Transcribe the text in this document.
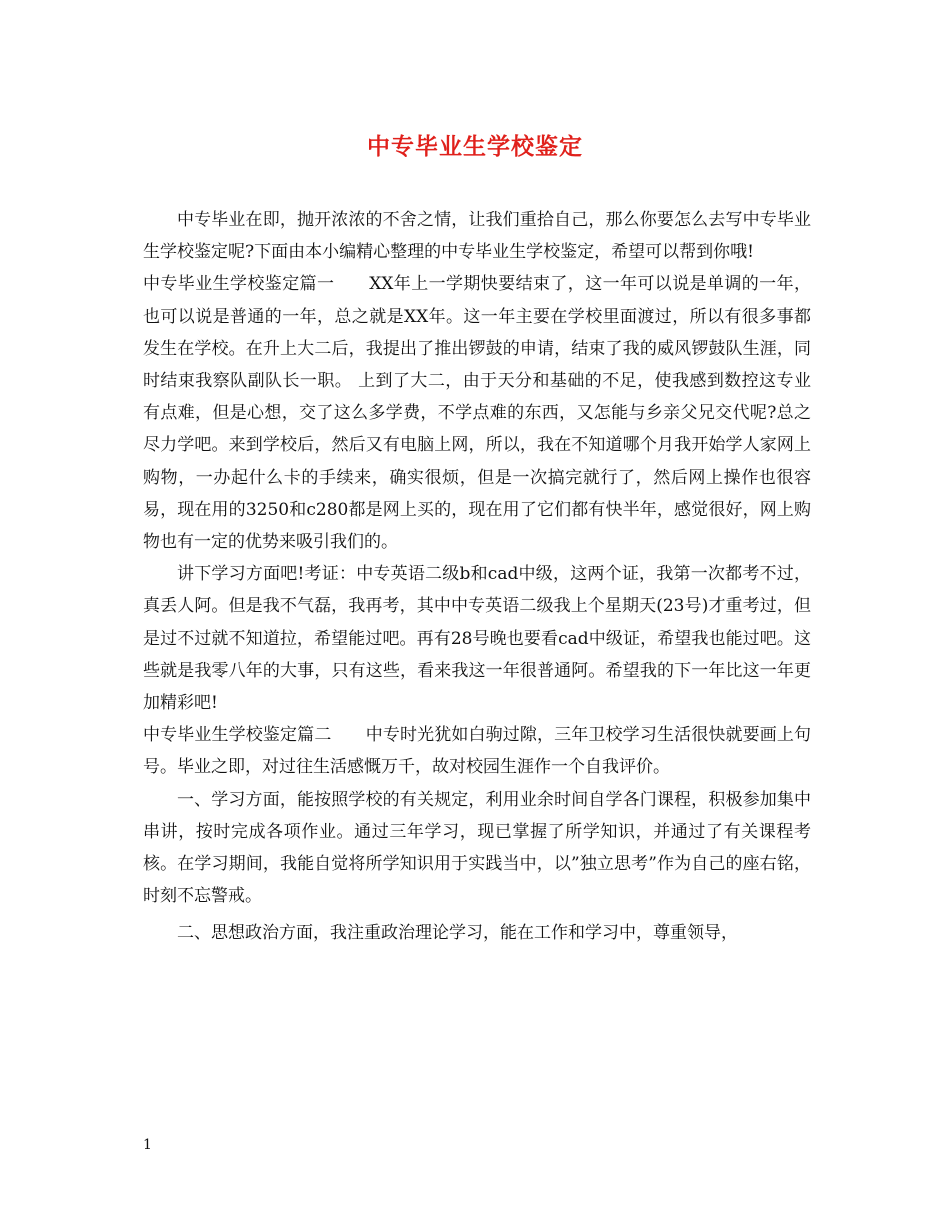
中专毕业生学校鉴定

中专毕业在即，抛开浓浓的不舍之情，让我们重拾自己，那么你要怎么去写中专毕业生学校鉴定呢?下面由本小编精心整理的中专毕业生学校鉴定，希望可以帮到你哦!

中专毕业生学校鉴定篇一　　XX年上一学期快要结束了，这一年可以说是单调的一年，也可以说是普通的一年，总之就是XX年。这一年主要在学校里面渡过，所以有很多事都发生在学校。在升上大二后，我提出了推出锣鼓的申请，结束了我的威风锣鼓队生涯，同时结束我察队副队长一职。 上到了大二，由于天分和基础的不足，使我感到数控这专业有点难，但是心想，交了这么多学费，不学点难的东西，又怎能与乡亲父兄交代呢?总之尽力学吧。来到学校后，然后又有电脑上网，所以，我在不知道哪个月我开始学人家网上购物，一办起什么卡的手续来，确实很烦，但是一次搞完就行了，然后网上操作也很容易，现在用的3250和c280都是网上买的，现在用了它们都有快半年，感觉很好，网上购物也有一定的优势来吸引我们的。

讲下学习方面吧!考证：中专英语二级b和cad中级，这两个证，我第一次都考不过，真丢人阿。但是我不气磊，我再考，其中中专英语二级我上个星期天(23号)才重考过，但是过不过就不知道拉，希望能过吧。再有28号晚也要看cad中级证，希望我也能过吧。这些就是我零八年的大事，只有这些，看来我这一年很普通阿。希望我的下一年比这一年更加精彩吧!

中专毕业生学校鉴定篇二　　中专时光犹如白驹过隙，三年卫校学习生活很快就要画上句号。毕业之即，对过往生活感慨万千，故对校园生涯作一个自我评价。

一、学习方面，能按照学校的有关规定，利用业余时间自学各门课程，积极参加集中串讲，按时完成各项作业。通过三年学习，现已掌握了所学知识，并通过了有关课程考核。在学习期间，我能自觉将所学知识用于实践当中，以”独立思考”作为自己的座右铭，时刻不忘警戒。

二、思想政治方面，我注重政治理论学习，能在工作和学习中，尊重领导，

1
